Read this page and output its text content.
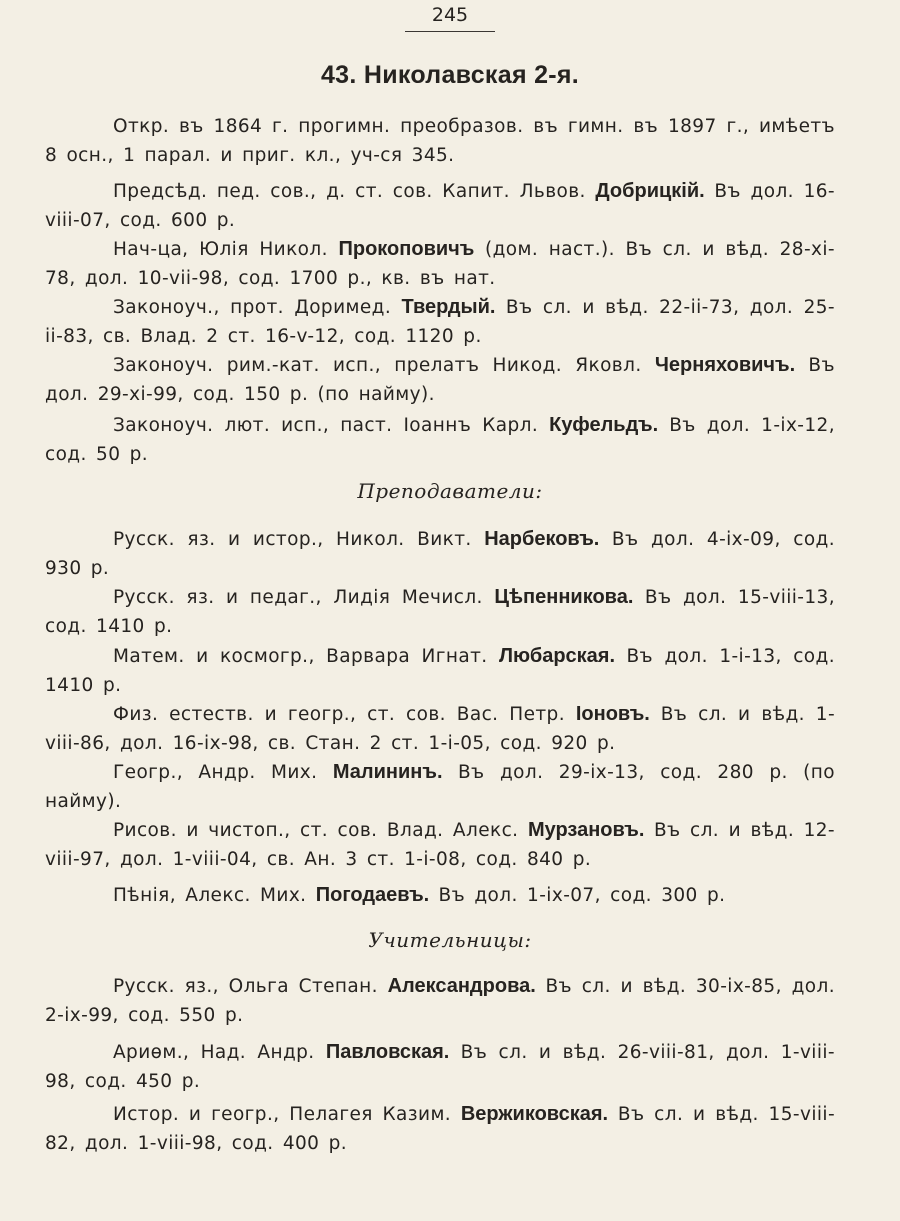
245
43. Николавская 2-я.
Откр. въ 1864 г. прогимн. преобразов. въ гимн. въ 1897 г., имѣетъ 8 осн., 1 парал. и приг. кл., уч-ся 345.
Предсѣд. пед. сов., д. ст. сов. Капит. Львов. Добрицкій. Въ дол. 16-viii-07, сод. 600 р.
Нач-ца, Юлія Никол. Прокоповичъ (дом. наст.). Въ сл. и вѣд. 28-xi-78, дол. 10-vii-98, сод. 1700 р., кв. въ нат.
Законоуч., прот. Доримед. Твердый. Въ сл. и вѣд. 22-ii-73, дол. 25-ii-83, св. Влад. 2 ст. 16-v-12, сод. 1120 р.
Законоуч. рим.-кат. исп., прелатъ Никод. Яковл. Черняховичъ. Въ дол. 29-xi-99, сод. 150 р. (по найму).
Законоуч. лют. исп., паст. Іоаннъ Карл. Куфельдъ. Въ дол. 1-ix-12, сод. 50 р.
Преподаватели:
Русск. яз. и истор., Никол. Викт. Нарбековъ. Въ дол. 4-ix-09, сод. 930 р.
Русск. яз. и педаг., Лидія Мечисл. Цѣпенникова. Въ дол. 15-viii-13, сод. 1410 р.
Матем. и космогр., Варвара Игнат. Любарская. Въ дол. 1-i-13, сод. 1410 р.
Физ. естеств. и геогр., ст. сов. Вас. Петр. Іоновъ. Въ сл. и вѣд. 1-viii-86, дол. 16-ix-98, св. Стан. 2 ст. 1-i-05, сод. 920 р.
Геогр., Андр. Мих. Малининъ. Въ дол. 29-ix-13, сод. 280 р. (по найму).
Рисов. и чистоп., ст. сов. Влад. Алекс. Мурзановъ. Въ сл. и вѣд. 12-viii-97, дол. 1-viii-04, св. Ан. 3 ст. 1-i-08, сод. 840 р.
Пѣнія, Алекс. Мих. Погодаевъ. Въ дол. 1-ix-07, сод. 300 р.
Учительницы:
Русск. яз., Ольга Степан. Александрова. Въ сл. и вѣд. 30-ix-85, дол. 2-ix-99, сод. 550 р.
Ариѳм., Над. Андр. Павловская. Въ сл. и вѣд. 26-viii-81, дол. 1-viii-98, сод. 450 р.
Истор. и геогр., Пелагея Казим. Вержиковская. Въ сл. и вѣд. 15-viii-82, дол. 1-viii-98, сод. 400 р.
